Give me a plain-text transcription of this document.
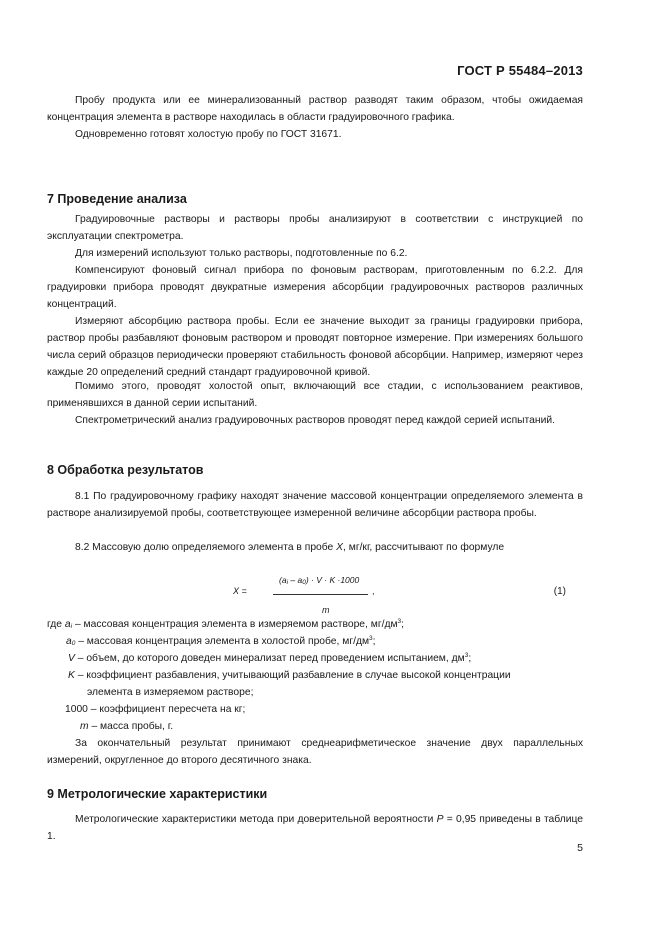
ГОСТ Р 55484–2013
Пробу продукта или ее минерализованный раствор разводят таким образом, чтобы ожидаемая концентрация элемента в растворе находилась в области градуировочного графика.
Одновременно готовят холостую пробу по ГОСТ 31671.
7 Проведение анализа
Градуировочные растворы и растворы пробы анализируют в соответствии с инструкцией по эксплуатации спектрометра.
Для измерений используют только растворы, подготовленные по 6.2.
Компенсируют фоновый сигнал прибора по фоновым растворам, приготовленным по 6.2.2. Для градуировки прибора проводят двукратные измерения абсорбции градуировочных растворов различных концентраций.
Измеряют абсорбцию раствора пробы. Если ее значение выходит за границы градуировки прибора, раствор пробы разбавляют фоновым раствором и проводят повторное измерение. При измерениях большого числа серий образцов периодически проверяют стабильность фоновой абсорбции. Например, измеряют через каждые 20 определений средний стандарт градуировочной кривой.
Помимо этого, проводят холостой опыт, включающий все стадии, с использованием реактивов, применявшихся в данной серии испытаний.
Спектрометрический анализ градуировочных растворов проводят перед каждой серией испытаний.
8 Обработка результатов
8.1 По градуировочному графику находят значение массовой концентрации определяемого элемента в растворе анализируемой пробы, соответствующее измеренной величине абсорбции раствора пробы.
8.2 Массовую долю определяемого элемента в пробе X, мг/кг, рассчитывают по формуле
$(a_i - a_0) \cdot V \cdot K \cdot 1000$
X =	,
m
(1)
где $a_i$ – массовая концентрация элемента в измеряемом растворе, $мг/дм^3$;
$a_0$ – массовая концентрация элемента в холостой пробе, $мг/дм^3$;
V – объем, до которого доведен минерализат перед проведением испытанием, $дм^3$;
K – коэффициент разбавления, учитывающий разбавление в случае высокой концентрации
элемента в измеряемом растворе;
1000 – коэффициент пересчета на кг;
m – масса пробы, г.
За окончательный результат принимают среднеарифметическое значение двух параллельных измерений, округленное до второго десятичного знака.
9 Метрологические характеристики
Метрологические характеристики метода при доверительной вероятности P = 0,95 приведены в таблице 1.
5
